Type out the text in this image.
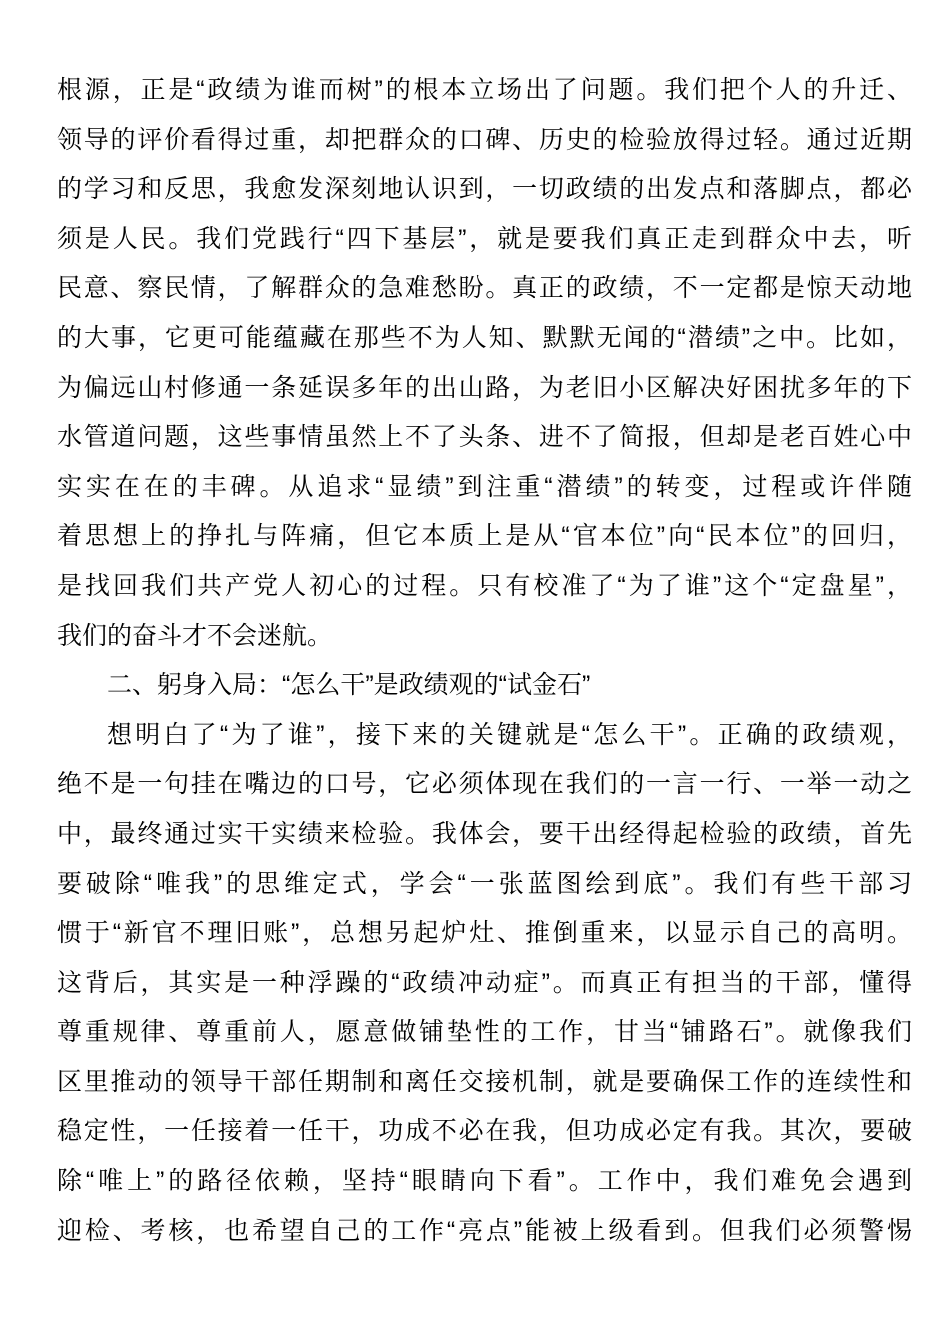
根源，正是“政绩为谁而树”的根本立场出了问题。我们把个人的升迁、
领导的评价看得过重，却把群众的口碑、历史的检验放得过轻。通过近期
的学习和反思，我愈发深刻地认识到，一切政绩的出发点和落脚点，都必
须是人民。我们党践行“四下基层”，就是要我们真正走到群众中去，听
民意、察民情，了解群众的急难愁盼。真正的政绩，不一定都是惊天动地
的大事，它更可能蕴藏在那些不为人知、默默无闻的“潜绩”之中。比如，
为偏远山村修通一条延误多年的出山路，为老旧小区解决好困扰多年的下
水管道问题，这些事情虽然上不了头条、进不了简报，但却是老百姓心中
实实在在的丰碑。从追求“显绩”到注重“潜绩”的转变，过程或许伴随
着思想上的挣扎与阵痛，但它本质上是从“官本位”向“民本位”的回归，
是找回我们共产党人初心的过程。只有校准了“为了谁”这个“定盘星”，
我们的奋斗才不会迷航。
二、躬身入局：“怎么干”是政绩观的“试金石”
想明白了“为了谁”，接下来的关键就是“怎么干”。正确的政绩观，
绝不是一句挂在嘴边的口号，它必须体现在我们的一言一行、一举一动之
中，最终通过实干实绩来检验。我体会，要干出经得起检验的政绩，首先
要破除“唯我”的思维定式，学会“一张蓝图绘到底”。我们有些干部习
惯于“新官不理旧账”，总想另起炉灶、推倒重来，以显示自己的高明。
这背后，其实是一种浮躁的“政绩冲动症”。而真正有担当的干部，懂得
尊重规律、尊重前人，愿意做铺垫性的工作，甘当“铺路石”。就像我们
区里推动的领导干部任期制和离任交接机制，就是要确保工作的连续性和
稳定性，一任接着一任干，功成不必在我，但功成必定有我。其次，要破
除“唯上”的路径依赖，坚持“眼睛向下看”。工作中，我们难免会遇到
迎检、考核，也希望自己的工作“亮点”能被上级看到。但我们必须警惕
